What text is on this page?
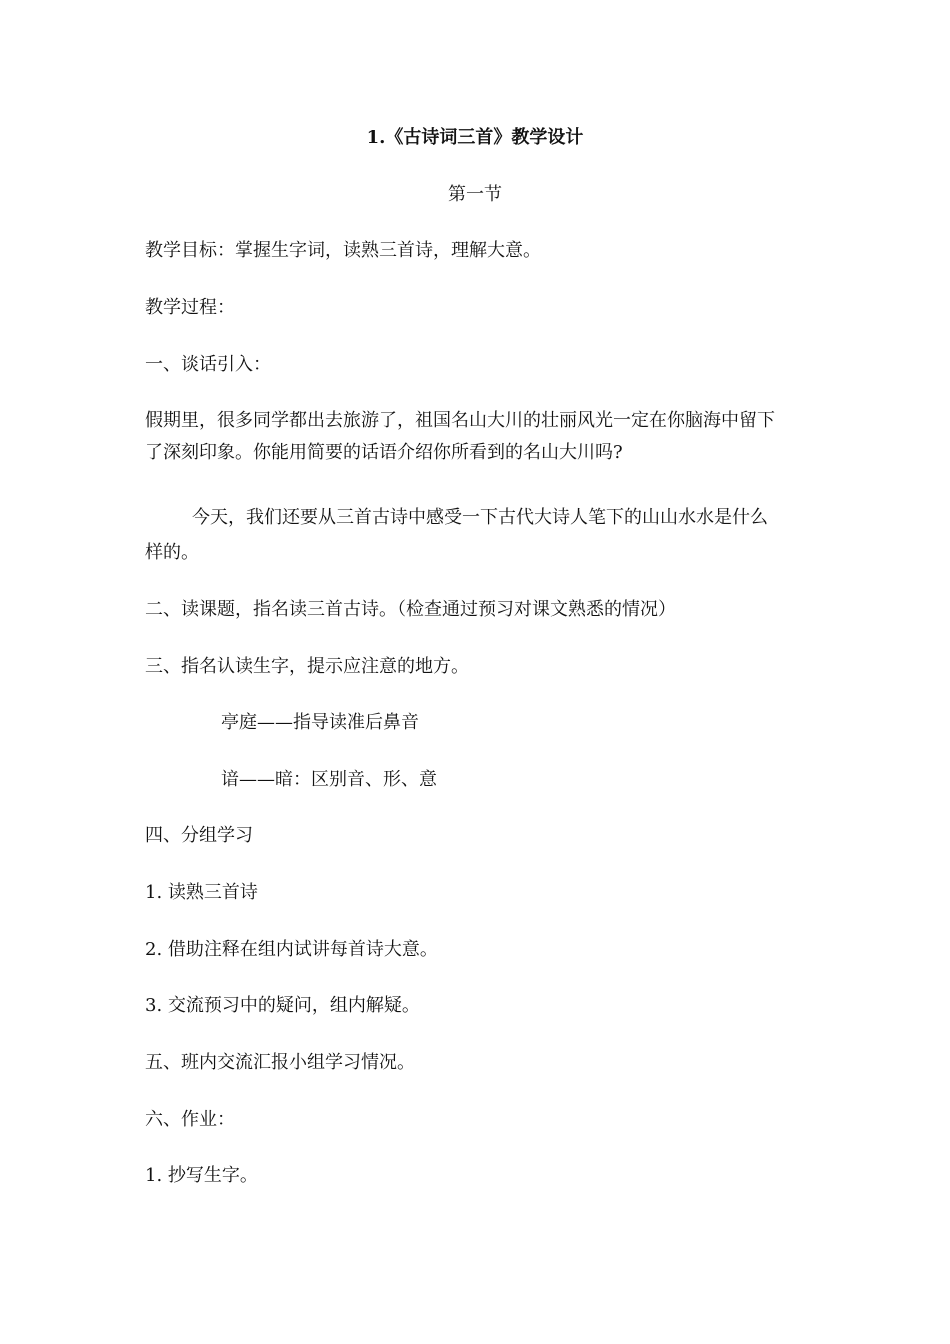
1.《古诗词三首》教学设计
第一节
教学目标：掌握生字词，读熟三首诗，理解大意。
教学过程：
一、谈话引入：
假期里，很多同学都出去旅游了，祖国名山大川的壮丽风光一定在你脑海中留下
了深刻印象。你能用简要的话语介绍你所看到的名山大川吗?
今天，我们还要从三首古诗中感受一下古代大诗人笔下的山山水水是什么
样的。
二、读课题，指名读三首古诗。（检查通过预习对课文熟悉的情况）
三、指名认读生字，提示应注意的地方。
亭庭——指导读准后鼻音
谙——暗：区别音、形、意
四、分组学习
1. 读熟三首诗
2. 借助注释在组内试讲每首诗大意。
3. 交流预习中的疑问，组内解疑。
五、班内交流汇报小组学习情况。
六、作业：
1. 抄写生字。
